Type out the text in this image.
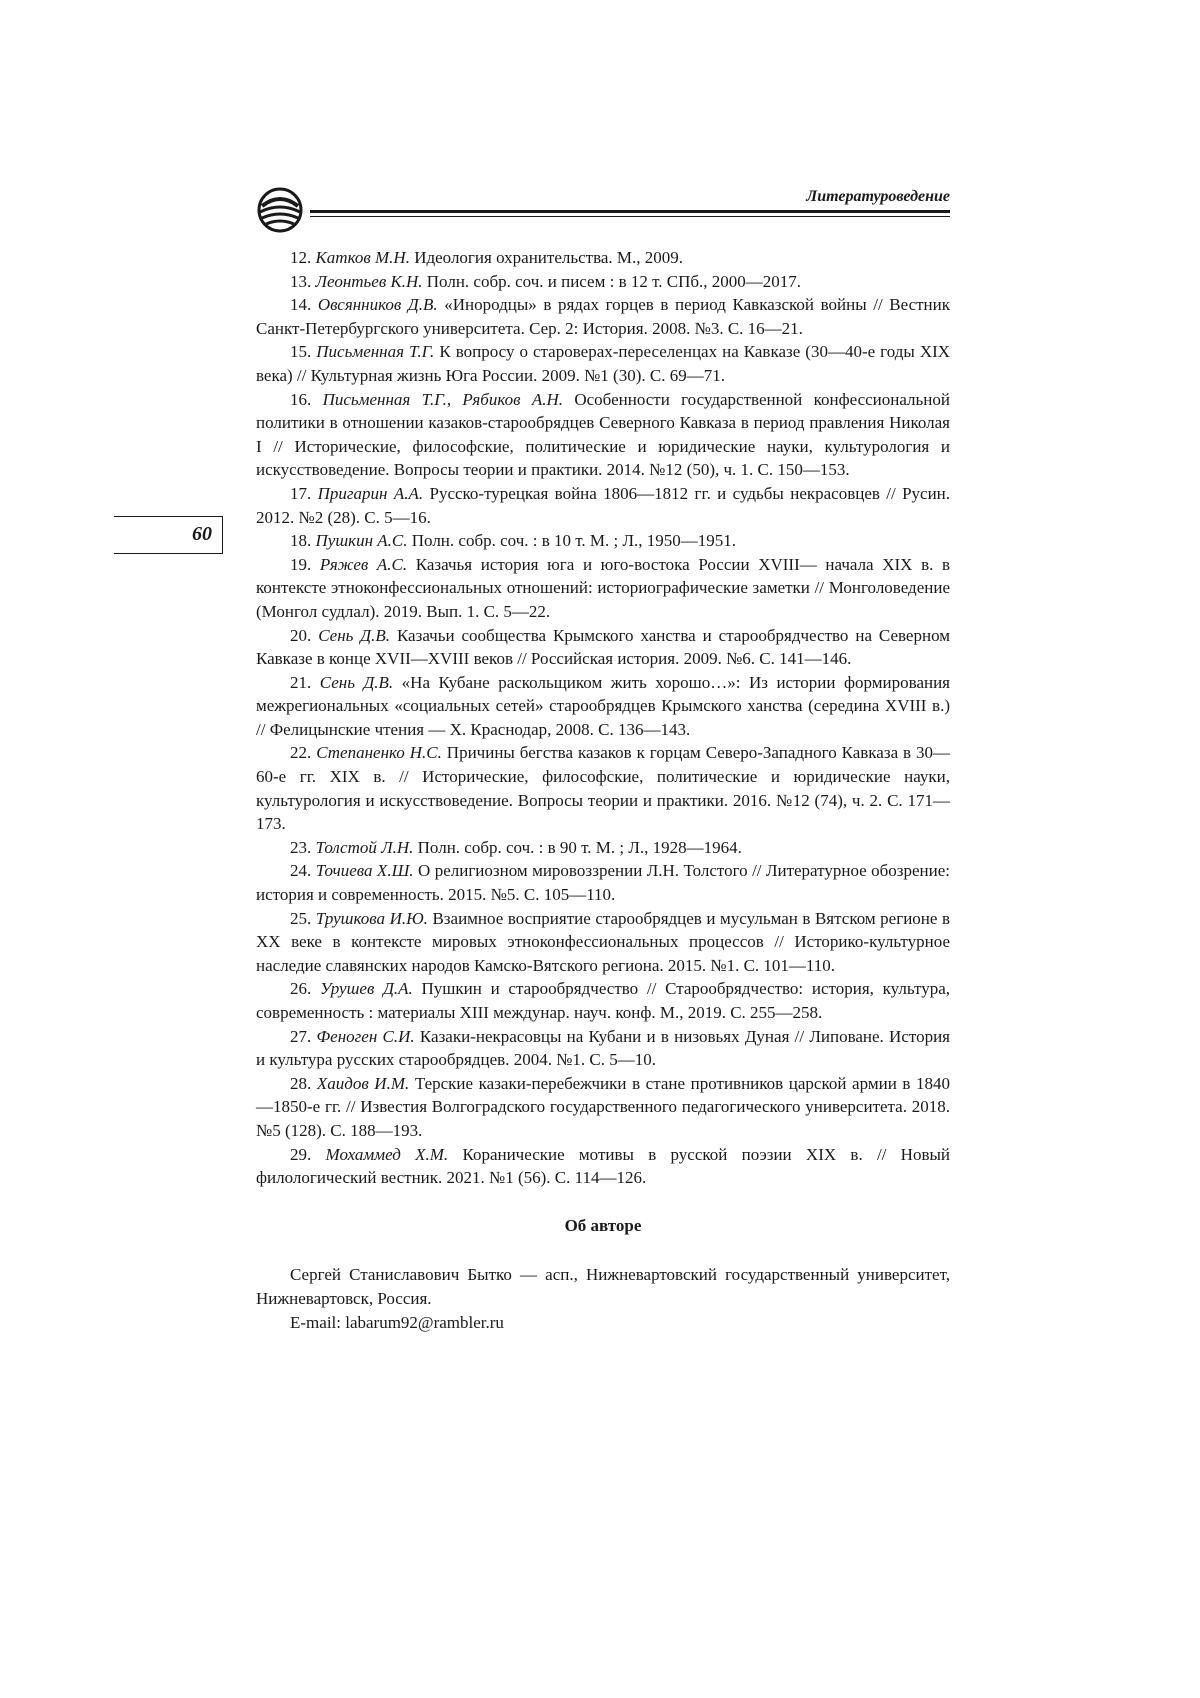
Литературоведение
60

12. Катков М.Н. Идеология охранительства. М., 2009.

13. Леонтьев К.Н. Полн. собр. соч. и писем : в 12 т. СПб., 2000—2017.

14. Овсянников Д.В. «Инородцы» в рядах горцев в период Кавказской войны // Вестник Санкт-Петербургского университета. Сер. 2: История. 2008. №3. С. 16—21.

15. Письменная Т.Г. К вопросу о староверах-переселенцах на Кавказе (30—40-е годы XIX века) // Культурная жизнь Юга России. 2009. №1 (30). С. 69—71.

16. Письменная Т.Г., Рябиков А.Н. Особенности государственной конфессиональной политики в отношении казаков-старообрядцев Северного Кавказа в период правления Николая I // Исторические, философские, политические и юридические науки, культурология и искусствоведение. Вопросы теории и практики. 2014. №12 (50), ч. 1. С. 150—153.

17. Пригарин А.А. Русско-турецкая война 1806—1812 гг. и судьбы некрасовцев // Русин. 2012. №2 (28). С. 5—16.

18. Пушкин А.С. Полн. собр. соч. : в 10 т. М. ; Л., 1950—1951.

19. Ряжев А.С. Казачья история юга и юго-востока России XVIII— начала XIX в. в контексте этноконфессиональных отношений: историографические заметки // Монголоведение (Монгол судлал). 2019. Вып. 1. С. 5—22.

20. Сень Д.В. Казачьи сообщества Крымского ханства и старообрядчество на Северном Кавказе в конце XVII—XVIII веков // Российская история. 2009. №6. С. 141—146.

21. Сень Д.В. «На Кубане раскольщиком жить хорошо…»: Из истории формирования межрегиональных «социальных сетей» старообрядцев Крымского ханства (середина XVIII в.) // Фелицынские чтения — X. Краснодар, 2008. С. 136—143.

22. Степаненко Н.С. Причины бегства казаков к горцам Северо-Западного Кавказа в 30—60-е гг. XIX в. // Исторические, философские, политические и юридические науки, культурология и искусствоведение. Вопросы теории и практики. 2016. №12 (74), ч. 2. С. 171—173.

23. Толстой Л.Н. Полн. собр. соч. : в 90 т. М. ; Л., 1928—1964.

24. Точиева Х.Ш. О религиозном мировоззрении Л.Н. Толстого // Литературное обозрение: история и современность. 2015. №5. С. 105—110.

25. Трушкова И.Ю. Взаимное восприятие старообрядцев и мусульман в Вятском регионе в XX веке в контексте мировых этноконфессиональных процессов // Историко-культурное наследие славянских народов Камско-Вятского региона. 2015. №1. С. 101—110.

26. Урушев Д.А. Пушкин и старообрядчество // Старообрядчество: история, культура, современность : материалы XIII междунар. науч. конф. М., 2019. С. 255—258.

27. Феноген С.И. Казаки-некрасовцы на Кубани и в низовьях Дуная // Липоване. История и культура русских старообрядцев. 2004. №1. С. 5—10.

28. Хаидов И.М. Терские казаки-перебежчики в стане противников царской армии в 1840—1850-е гг. // Известия Волгоградского государственного педагогического университета. 2018. №5 (128). С. 188—193.

29. Мохаммед Х.М. Коранические мотивы в русской поэзии XIX в. // Новый филологический вестник. 2021. №1 (56). С. 114—126.

Об авторе

Сергей Станиславович Бытко — асп., Нижневартовский государственный университет, Нижневартовск, Россия.

E-mail: labarum92@rambler.ru
